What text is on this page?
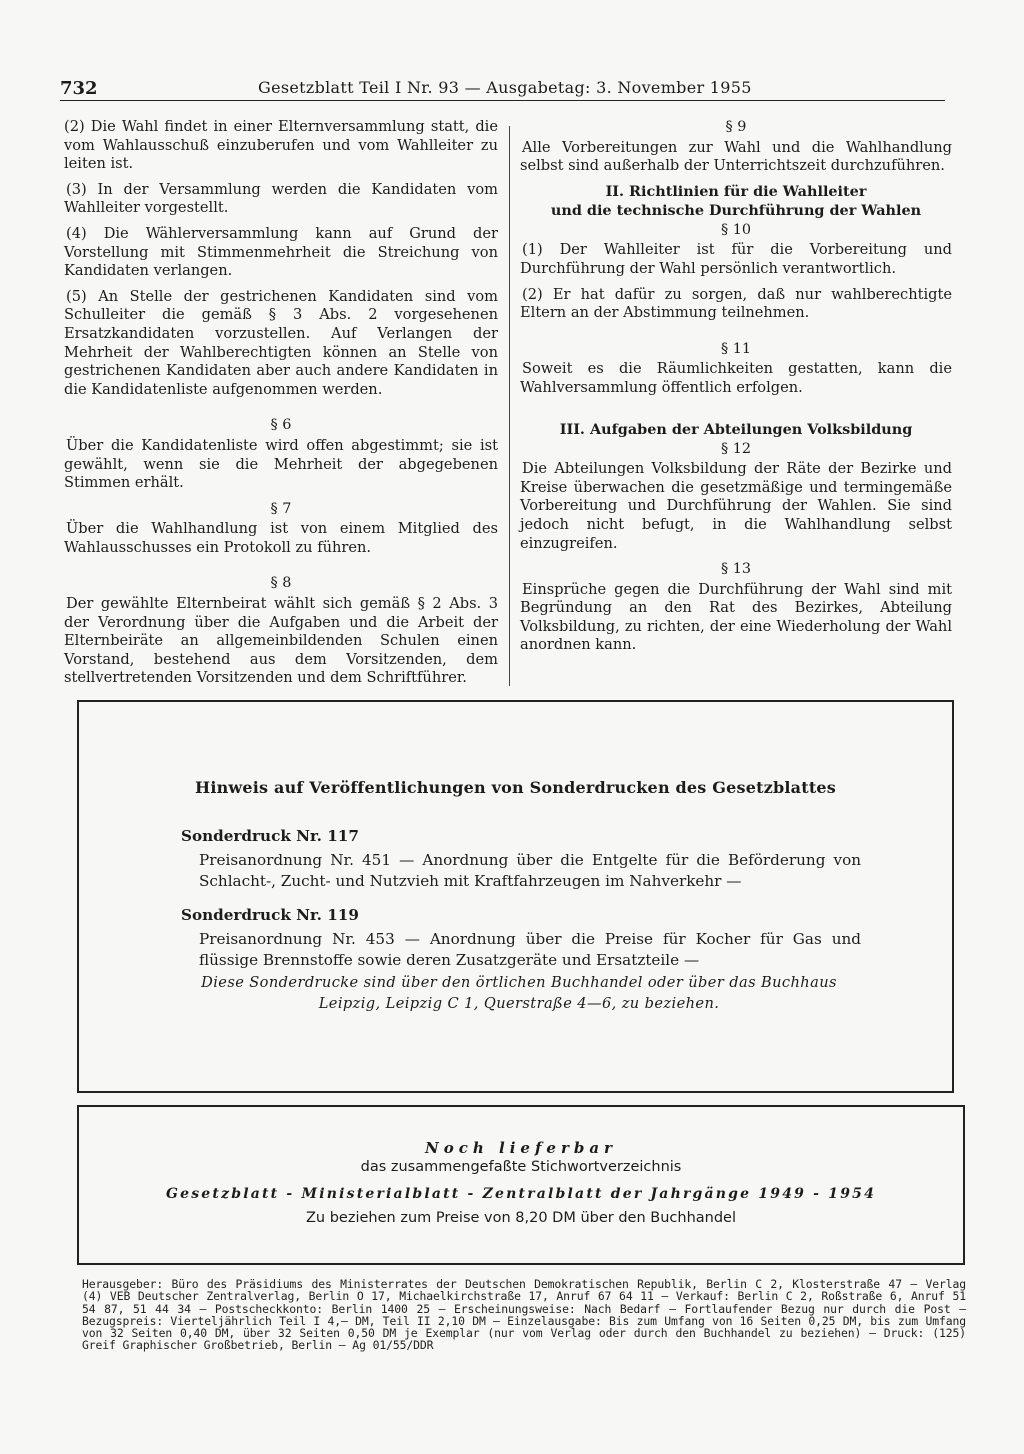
732	Gesetzblatt Teil I Nr. 93 — Ausgabetag: 3. November 1955

(2) Die Wahl findet in einer Elternversammlung statt, die vom Wahlausschuß einzuberufen und vom Wahlleiter zu leiten ist.

(3) In der Versammlung werden die Kandidaten vom Wahlleiter vorgestellt.

(4) Die Wählerversammlung kann auf Grund der Vorstellung mit Stimmenmehrheit die Streichung von Kandidaten verlangen.

(5) An Stelle der gestrichenen Kandidaten sind vom Schulleiter die gemäß § 3 Abs. 2 vorgesehenen Ersatzkandidaten vorzustellen. Auf Verlangen der Mehrheit der Wahlberechtigten können an Stelle von gestrichenen Kandidaten aber auch andere Kandidaten in die Kandidatenliste aufgenommen werden.

§ 6

Über die Kandidatenliste wird offen abgestimmt; sie ist gewählt, wenn sie die Mehrheit der abgegebenen Stimmen erhält.

§ 7

Über die Wahlhandlung ist von einem Mitglied des Wahlausschusses ein Protokoll zu führen.

§ 8

Der gewählte Elternbeirat wählt sich gemäß § 2 Abs. 3 der Verordnung über die Aufgaben und die Arbeit der Elternbeiräte an allgemeinbildenden Schulen einen Vorstand, bestehend aus dem Vorsitzenden, dem stellvertretenden Vorsitzenden und dem Schriftführer.

§ 9

Alle Vorbereitungen zur Wahl und die Wahlhandlung selbst sind außerhalb der Unterrichtszeit durchzuführen.

II. Richtlinien für die Wahlleiter
und die technische Durchführung der Wahlen
§ 10

(1) Der Wahlleiter ist für die Vorbereitung und Durchführung der Wahl persönlich verantwortlich.

(2) Er hat dafür zu sorgen, daß nur wahlberechtigte Eltern an der Abstimmung teilnehmen.

§ 11

Soweit es die Räumlichkeiten gestatten, kann die Wahlversammlung öffentlich erfolgen.

III. Aufgaben der Abteilungen Volksbildung
§ 12

Die Abteilungen Volksbildung der Räte der Bezirke und Kreise überwachen die gesetzmäßige und termingemäße Vorbereitung und Durchführung der Wahlen. Sie sind jedoch nicht befugt, in die Wahlhandlung selbst einzugreifen.

§ 13

Einsprüche gegen die Durchführung der Wahl sind mit Begründung an den Rat des Bezirkes, Abteilung Volksbildung, zu richten, der eine Wiederholung der Wahl anordnen kann.

Hinweis auf Veröffentlichungen von Sonderdrucken des Gesetzblattes
Sonderdruck Nr. 117
Preisanordnung Nr. 451 — Anordnung über die Entgelte für die Beförderung von Schlacht-, Zucht- und Nutzvieh mit Kraftfahrzeugen im Nahverkehr —
Sonderdruck Nr. 119
Preisanordnung Nr. 453 — Anordnung über die Preise für Kocher für Gas und flüssige Brennstoffe sowie deren Zusatzgeräte und Ersatzteile —
Diese Sonderdrucke sind über den örtlichen Buchhandel oder über das Buchhaus
Leipzig, Leipzig C 1, Querstraße 4—6, zu beziehen.
Noch lieferbar
das zusammengefaßte Stichwortverzeichnis
Gesetzblatt - Ministerialblatt - Zentralblatt der Jahrgänge 1949 - 1954
Zu beziehen zum Preise von 8,20 DM über den Buchhandel
Herausgeber: Büro des Präsidiums des Ministerrates der Deutschen Demokratischen Republik, Berlin C 2, Klosterstraße 47 — Verlag (4) VEB Deutscher Zentralverlag, Berlin O 17, Michaelkirchstraße 17, Anruf 67 64 11 — Verkauf: Berlin C 2, Roßstraße 6, Anruf 51 54 87, 51 44 34 — Postscheckkonto: Berlin 1400 25 — Erscheinungsweise: Nach Bedarf — Fortlaufender Bezug nur durch die Post — Bezugspreis: Vierteljährlich Teil I 4,— DM, Teil II 2,10 DM — Einzelausgabe: Bis zum Umfang von 16 Seiten 0,25 DM, bis zum Umfang von 32 Seiten 0,40 DM, über 32 Seiten 0,50 DM je Exemplar (nur vom Verlag oder durch den Buchhandel zu beziehen) — Druck: (125) Greif Graphischer Großbetrieb, Berlin — Ag 01/55/DDR
